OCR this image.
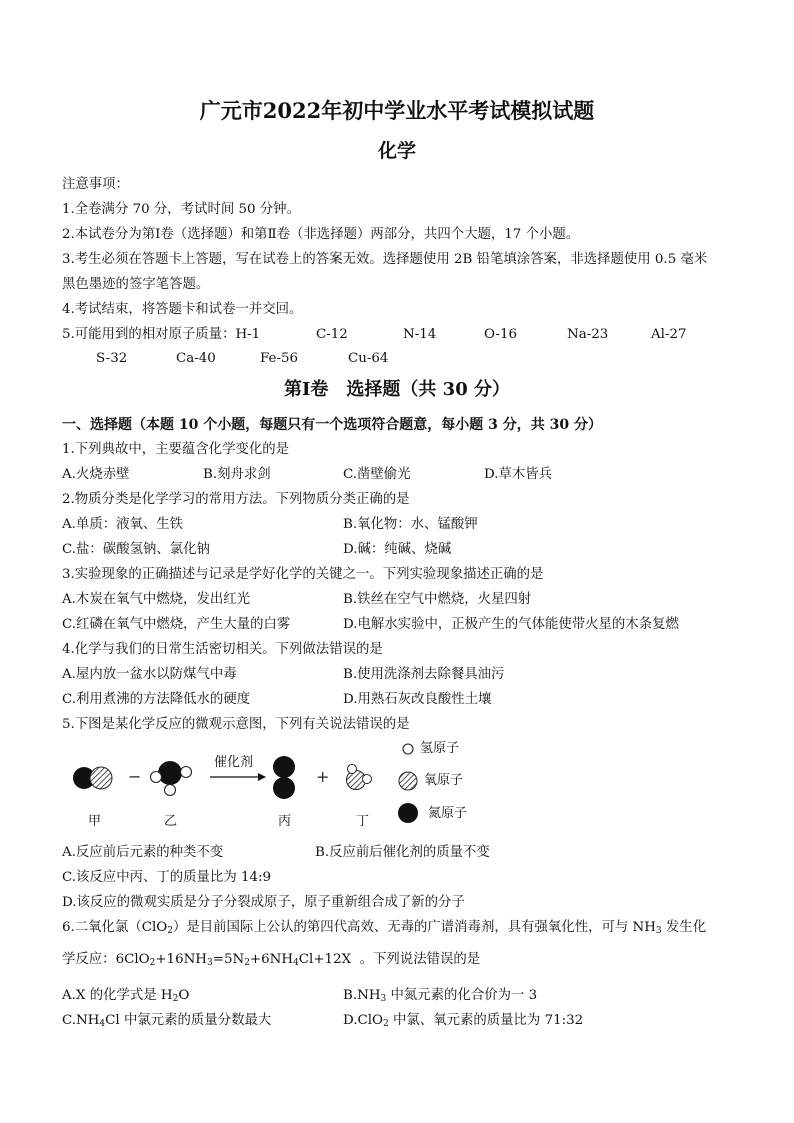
广元市2022年初中学业水平考试模拟试题
化学
注意事项：
1.全卷满分 70 分，考试时间 50 分钟。
2.本试卷分为第Ⅰ卷（选择题）和第Ⅱ卷（非选择题）两部分，共四个大题，17 个小题。
3.考生必须在答题卡上答题，写在试卷上的答案无效。选择题使用 2B 铅笔填涂答案，非选择题使用 0.5 毫米
黑色墨迹的签字笔答题。
4.考试结束，将答题卡和试卷一并交回。
5.可能用到的相对原子质量：H-1	C-12	N-14	O-16	Na-23	Al-27
S-32	Ca-40	Fe-56	Cu-64
第Ⅰ卷　选择题（共 30 分）
一、选择题（本题 10 个小题，每题只有一个选项符合题意，每小题 3 分，共 30 分）
1.下列典故中，主要蕴含化学变化的是
A.火烧赤壁	B.刻舟求剑	C.凿壁偷光	D.草木皆兵
2.物质分类是化学学习的常用方法。下列物质分类正确的是
A.单质：液氧、生铁	B.氧化物：水、锰酸钾
C.盐：碳酸氢钠、氯化钠	D.碱：纯碱、烧碱
3.实验现象的正确描述与记录是学好化学的关键之一。下列实验现象描述正确的是
A.木炭在氧气中燃烧，发出红光	B.铁丝在空气中燃烧，火星四射
C.红磷在氧气中燃烧，产生大量的白雾	D.电解水实验中，正极产生的气体能使带火星的木条复燃
4.化学与我们的日常生活密切相关。下列做法错误的是
A.屋内放一盆水以防煤气中毒	B.使用洗涤剂去除餐具油污
C.利用煮沸的方法降低水的硬度	D.用熟石灰改良酸性土壤
5.下图是某化学反应的微观示意图，下列有关说法错误的是
−
催化剂
+
甲	乙	丙	丁
氢原子
氧原子
氮原子
A.反应前后元素的种类不变	B.反应前后催化剂的质量不变
C.该反应中丙、丁的质量比为 14:9
D.该反应的微观实质是分子分裂成原子，原子重新组合成了新的分子
6.二氧化氯（ClO$_2$）是目前国际上公认的第四代高效、无毒的广谱消毒剂，具有强氧化性，可与 $NH_3$ 发生化
学反应：$6ClO_2+16NH_3=5N_2+6NH_4Cl+12X$ 。下列说法错误的是
A.X 的化学式是 $H_2O$	$B.NH_3$ 中氮元素的化合价为一 3
$C.NH_4Cl$ 中氯元素的质量分数最大	D.ClO$_2$ 中氯、氧元素的质量比为 71:32
